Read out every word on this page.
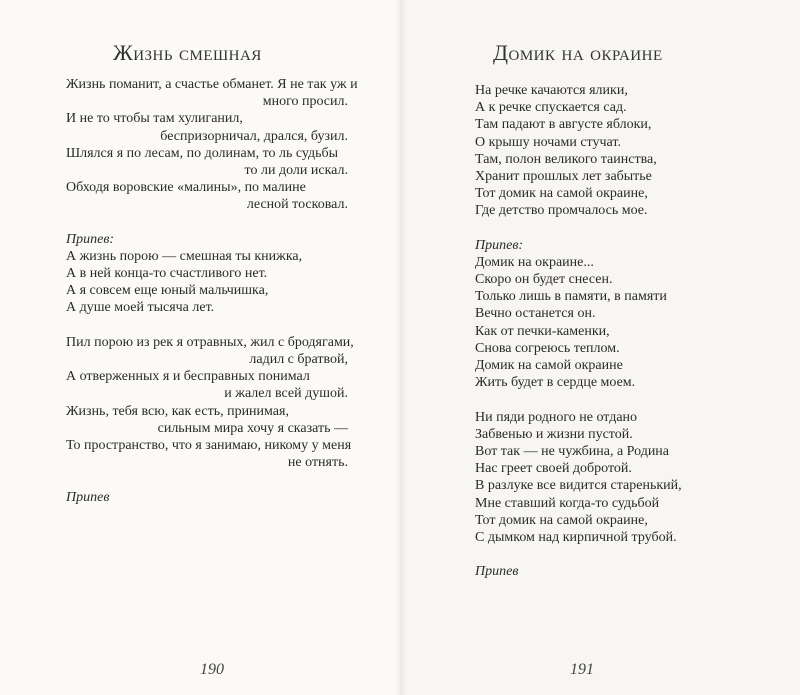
Жизнь смешная
Жизнь поманит, а счастье обманет. Я не так уж и
много просил.
И не то чтобы там хулиганил,
беспризорничал, дрался, бузил.
Шлялся я по лесам, по долинам, то ль судьбы
то ли доли искал.
Обходя воровские «малины», по малине
лесной тосковал.
Припев:
А жизнь порою — смешная ты книжка,
А в ней конца-то счастливого нет.
А я совсем еще юный мальчишка,
А душе моей тысяча лет.
Пил порою из рек я отравных, жил с бродягами,
ладил с братвой,
А отверженных я и бесправных понимал
и жалел всей душой.
Жизнь, тебя всю, как есть, принимая,
сильным мира хочу я сказать —
То пространство, что я занимаю, никому у меня
не отнять.
Припев
190
Домик на окраине
На речке качаются ялики,
А к речке спускается сад.
Там падают в августе яблоки,
О крышу ночами стучат.
Там, полон великого таинства,
Хранит прошлых лет забытье
Тот домик на самой окраине,
Где детство промчалось мое.
Припев:
Домик на окраине...
Скоро он будет снесен.
Только лишь в памяти, в памяти
Вечно останется он.
Как от печки-каменки,
Снова согреюсь теплом.
Домик на самой окраине
Жить будет в сердце моем.
Ни пяди родного не отдано
Забвенью и жизни пустой.
Вот так — не чужбина, а Родина
Нас греет своей добротой.
В разлуке все видится старенький,
Мне ставший когда-то судьбой
Тот домик на самой окраине,
С дымком над кирпичной трубой.
Припев
191
